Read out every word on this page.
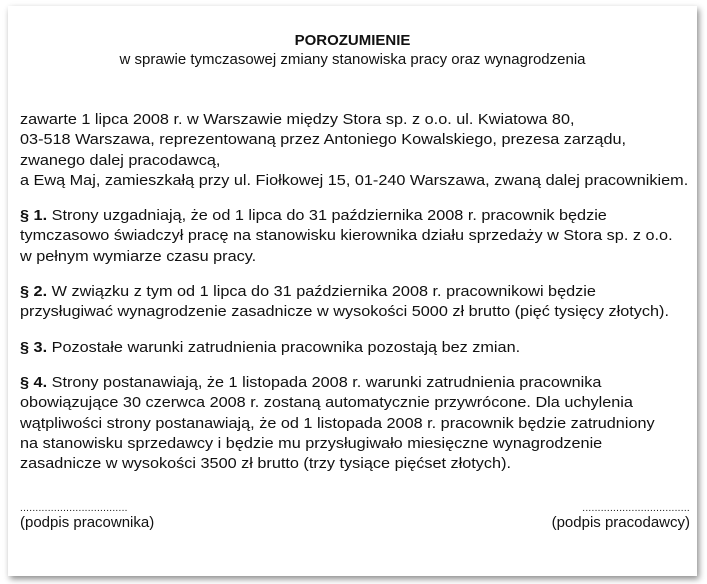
POROZUMIENIE
w sprawie tymczasowej zmiany stanowiska pracy oraz wynagrodzenia
zawarte 1 lipca 2008 r. w Warszawie między Stora sp. z o.o. ul. Kwiatowa 80,
03-518 Warszawa, reprezentowaną przez Antoniego Kowalskiego, prezesa zarządu,
zwanego dalej pracodawcą,
a Ewą Maj, zamieszkałą przy ul. Fiołkowej 15, 01-240 Warszawa, zwaną dalej pracownikiem.
§ 1. Strony uzgadniają, że od 1 lipca do 31 października 2008 r. pracownik będzie
tymczasowo świadczył pracę na stanowisku kierownika działu sprzedaży w Stora sp. z o.o.
w pełnym wymiarze czasu pracy.
§ 2. W związku z tym od 1 lipca do 31 października 2008 r. pracownikowi będzie
przysługiwać wynagrodzenie zasadnicze w wysokości 5000 zł brutto (pięć tysięcy złotych).
§ 3. Pozostałe warunki zatrudnienia pracownika pozostają bez zmian.
§ 4. Strony postanawiają, że 1 listopada 2008 r. warunki zatrudnienia pracownika
obowiązujące 30 czerwca 2008 r. zostaną automatycznie przywrócone. Dla uchylenia
wątpliwości strony postanawiają, że od 1 listopada 2008 r. pracownik będzie zatrudniony
na stanowisku sprzedawcy i będzie mu przysługiwało miesięczne wynagrodzenie
zasadnicze w wysokości 3500 zł brutto (trzy tysiące pięćset złotych).
...................................
(podpis pracownika)
...................................
(podpis pracodawcy)
